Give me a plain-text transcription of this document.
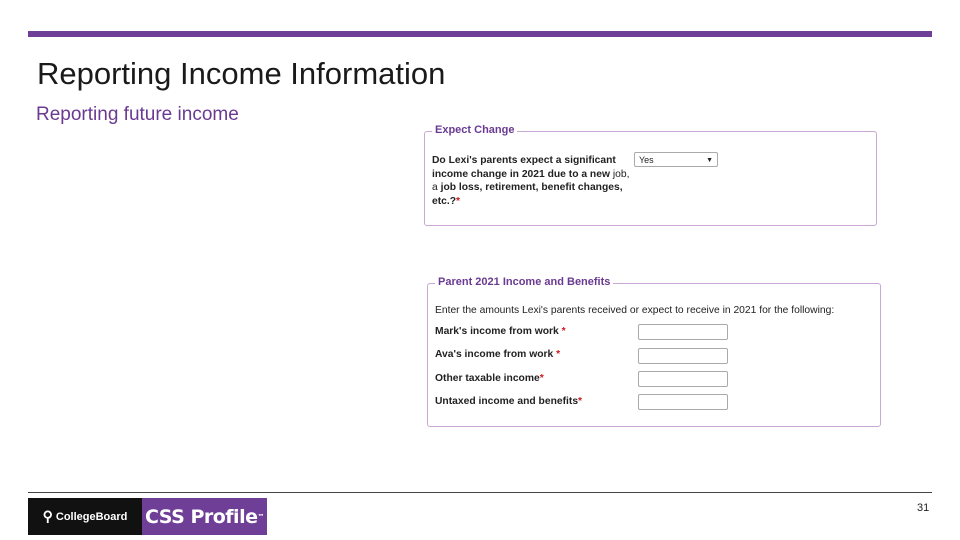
Reporting Income Information
Reporting future income
Expect Change
Do Lexi's parents expect a significant income change in 2021 due to a new job, a job loss, retirement, benefit changes, etc.?*
Yes	▼
Parent 2021 Income and Benefits
Enter the amounts Lexi's parents received or expect to receive in 2021 for the following:
Mark's income from work *
Ava's income from work *
Other taxable income*
Untaxed income and benefits*
⚲ CollegeBoard CSS Profile ™
31
